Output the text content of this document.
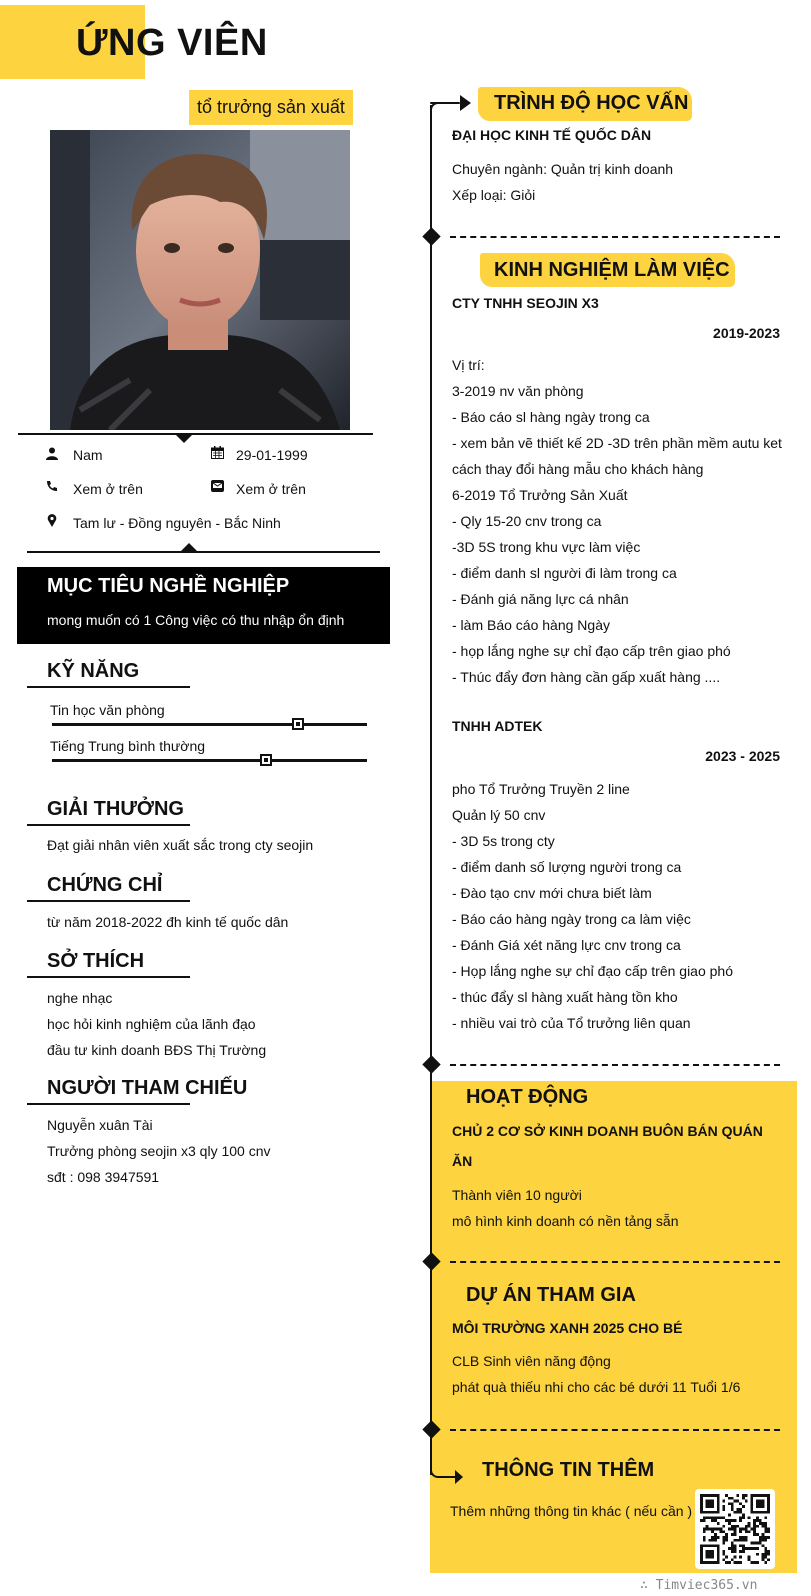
ỨNG VIÊN
tổ trưởng sản xuất
Nam	29-01-1999
Xem ở trên	Xem ở trên
Tam lư - Đồng nguyên - Bắc Ninh
MỤC TIÊU NGHỀ NGHIỆP
mong muốn có 1 Công việc có thu nhập ổn định
KỸ NĂNG
Tin học văn phòng
Tiếng Trung bình thường
GIẢI THƯỞNG
Đạt giải nhân viên xuất sắc trong cty seojin
CHỨNG CHỈ
từ năm 2018-2022 đh kinh tế quốc dân
SỞ THÍCH
nghe nhạc
học hỏi kinh nghiệm của lãnh đạo
đầu tư kinh doanh BĐS Thị Trường
NGƯỜI THAM CHIẾU
Nguyễn xuân Tài
Trưởng phòng seojin x3 qly 100 cnv
sđt : 098 3947591
TRÌNH ĐỘ HỌC VẤN
ĐẠI HỌC KINH TẾ QUỐC DÂN
Chuyên ngành: Quản trị kinh doanh
Xếp loại: Giỏi
KINH NGHIỆM LÀM VIỆC
CTY TNHH SEOJIN X3
2019-2023
Vị trí:
3-2019 nv văn phòng
- Báo cáo sl hàng ngày trong ca
- xem bản vẽ thiết kế 2D -3D trên phần mềm autu ket
cách thay đổi hàng mẫu cho khách hàng
6-2019 Tổ Trưởng Sản Xuất
- Qly 15-20 cnv trong ca
-3D 5S trong khu vực làm việc
- điểm danh sl người đi làm trong ca
- Đánh giá năng lực cá nhân
- làm Báo cáo hàng Ngày
- họp lắng nghe sự chỉ đạo cấp trên giao phó
- Thúc đẩy đơn hàng cần gấp xuất hàng ....
TNHH ADTEK
2023 - 2025
pho Tổ Trưởng Truyền 2 line
Quản lý 50 cnv
- 3D 5s trong cty
- điểm danh số lượng người trong ca
- Đào tạo cnv mới chưa biết làm
- Báo cáo hàng ngày trong ca làm việc
- Đánh Giá xét năng lực cnv trong ca
- Họp lắng nghe sự chỉ đạo cấp trên giao phó
- thúc đẩy sl hàng xuất hàng tồn kho
- nhiều vai trò của Tổ trưởng liên quan
HOẠT ĐỘNG
CHỦ 2 CƠ SỞ KINH DOANH BUÔN BÁN QUÁN
ĂN
Thành viên 10 người
mô hình kinh doanh có nền tảng sẵn
DỰ ÁN THAM GIA
MÔI TRƯỜNG XANH 2025 CHO BÉ
CLB Sinh viên năng động
phát quà thiếu nhi cho các bé dưới 11 Tuổi 1/6
THÔNG TIN THÊM
Thêm những thông tin khác ( nếu cần )
∴ Timviec365.vn
